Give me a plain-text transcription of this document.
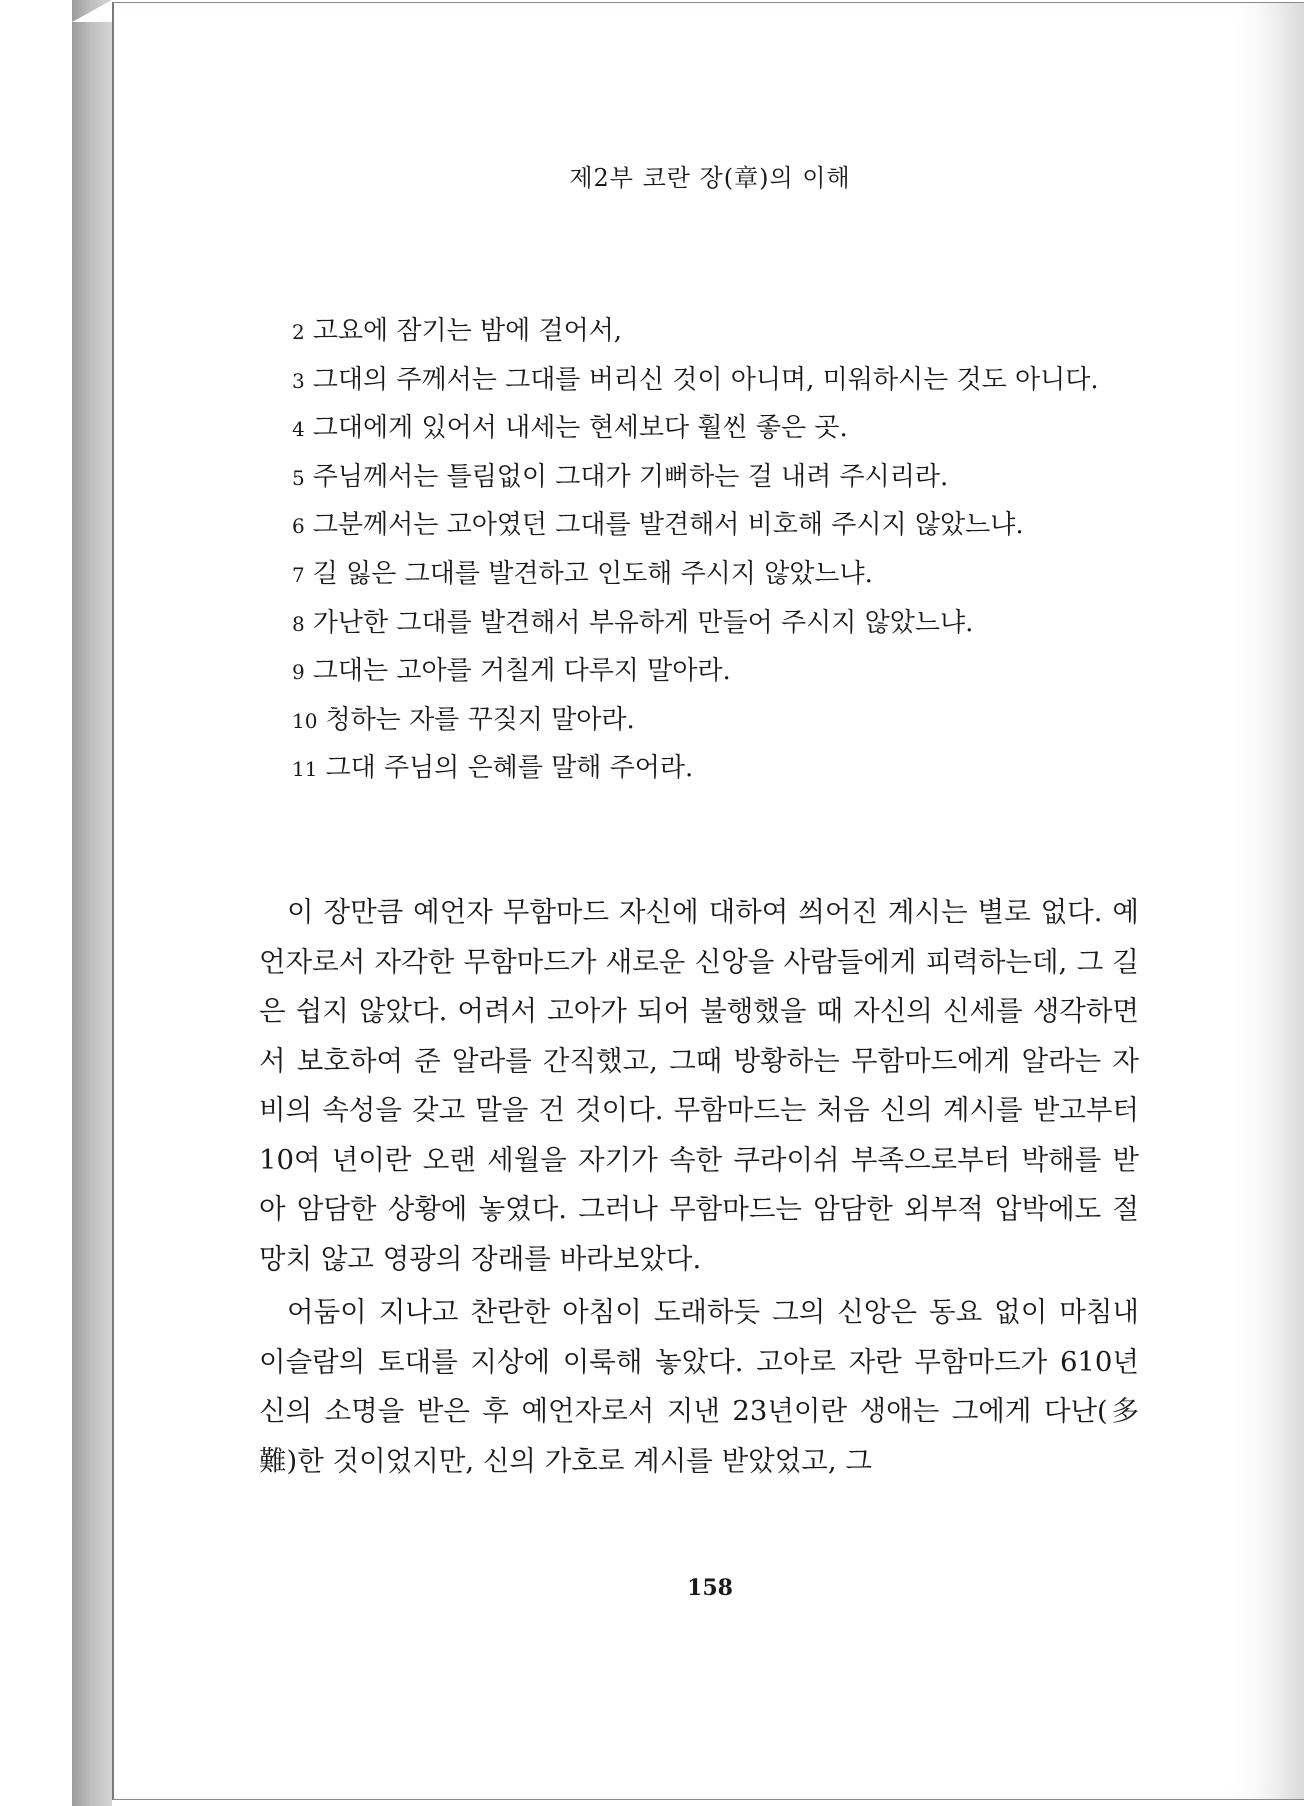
제2부 코란 장(章)의 이해
2 고요에 잠기는 밤에 걸어서,
3 그대의 주께서는 그대를 버리신 것이 아니며, 미워하시는 것도 아니다.
4 그대에게 있어서 내세는 현세보다 훨씬 좋은 곳.
5 주님께서는 틀림없이 그대가 기뻐하는 걸 내려 주시리라.
6 그분께서는 고아였던 그대를 발견해서 비호해 주시지 않았느냐.
7 길 잃은 그대를 발견하고 인도해 주시지 않았느냐.
8 가난한 그대를 발견해서 부유하게 만들어 주시지 않았느냐.
9 그대는 고아를 거칠게 다루지 말아라.
10 청하는 자를 꾸짖지 말아라.
11 그대 주님의 은혜를 말해 주어라.

이 장만큼 예언자 무함마드 자신에 대하여 씌어진 계시는 별로 없다. 예언자로서 자각한 무함마드가 새로운 신앙을 사람들에게 피력하는데, 그 길은 쉽지 않았다. 어려서 고아가 되어 불행했을 때 자신의 신세를 생각하면서 보호하여 준 알라를 간직했고, 그때 방황하는 무함마드에게 알라는 자비의 속성을 갖고 말을 건 것이다. 무함마드는 처음 신의 계시를 받고부터 10여 년이란 오랜 세월을 자기가 속한 쿠라이쉬 부족으로부터 박해를 받아 암담한 상황에 놓였다. 그러나 무함마드는 암담한 외부적 압박에도 절망치 않고 영광의 장래를 바라보았다.

어둠이 지나고 찬란한 아침이 도래하듯 그의 신앙은 동요 없이 마침내 이슬람의 토대를 지상에 이룩해 놓았다. 고아로 자란 무함마드가 610년 신의 소명을 받은 후 예언자로서 지낸 23년이란 생애는 그에게 다난(多難)한 것이었지만, 신의 가호로 계시를 받았었고, 그

158
